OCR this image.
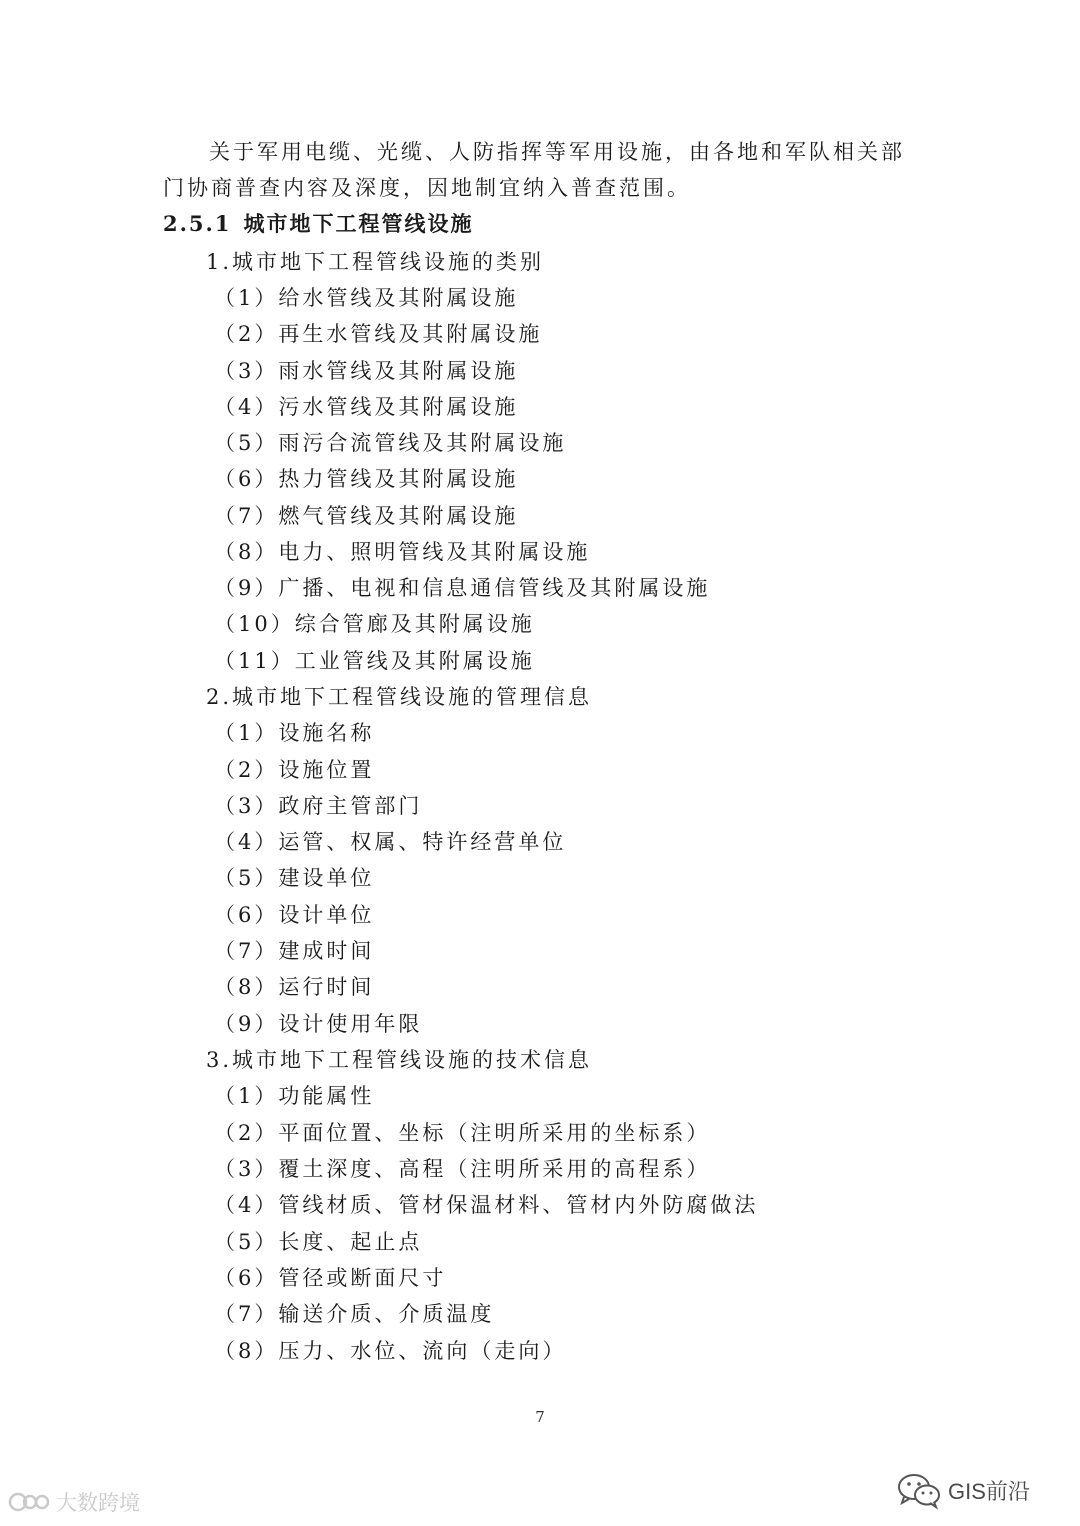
关于军用电缆、光缆、人防指挥等军用设施，由各地和军队相关部门协商普查内容及深度，因地制宜纳入普查范围。

2.5.1 城市地下工程管线设施

1.城市地下工程管线设施的类别

（1）给水管线及其附属设施

（2）再生水管线及其附属设施

（3）雨水管线及其附属设施

（4）污水管线及其附属设施

（5）雨污合流管线及其附属设施

（6）热力管线及其附属设施

（7）燃气管线及其附属设施

（8）电力、照明管线及其附属设施

（9）广播、电视和信息通信管线及其附属设施

（10）综合管廊及其附属设施

（11）工业管线及其附属设施

2.城市地下工程管线设施的管理信息

（1）设施名称

（2）设施位置

（3）政府主管部门

（4）运管、权属、特许经营单位

（5）建设单位

（6）设计单位

（7）建成时间

（8）运行时间

（9）设计使用年限

3.城市地下工程管线设施的技术信息

（1）功能属性

（2）平面位置、坐标（注明所采用的坐标系）

（3）覆土深度、高程（注明所采用的高程系）

（4）管线材质、管材保温材料、管材内外防腐做法

（5）长度、起止点

（6）管径或断面尺寸

（7）输送介质、介质温度

（8）压力、水位、流向（走向）

7
大数跨境	GIS前沿
